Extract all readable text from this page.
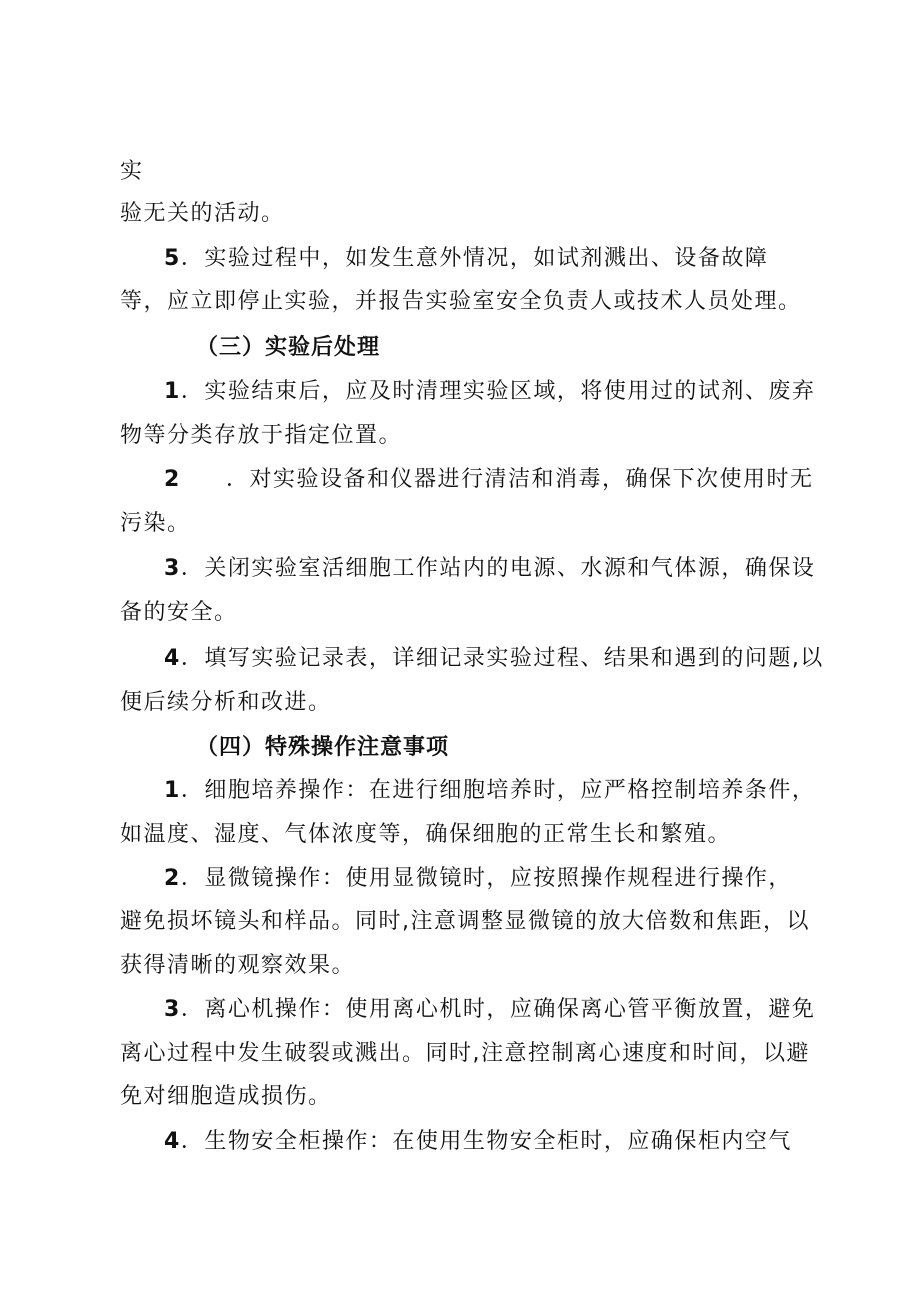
实
验无关的活动。
5．实验过程中，如发生意外情况，如试剂溅出、设备故障
等，应立即停止实验，并报告实验室安全负责人或技术人员处理。
（三）实验后处理
1．实验结束后，应及时清理实验区域，将使用过的试剂、废弃
物等分类存放于指定位置。
2 ．对实验设备和仪器进行清洁和消毒，确保下次使用时无
污染。
3．关闭实验室活细胞工作站内的电源、水源和气体源，确保设
备的安全。
4．填写实验记录表，详细记录实验过程、结果和遇到的问题,以
便后续分析和改进。
（四）特殊操作注意事项
1．细胞培养操作：在进行细胞培养时，应严格控制培养条件，
如温度、湿度、气体浓度等，确保细胞的正常生长和繁殖。
2．显微镜操作：使用显微镜时，应按照操作规程进行操作，
避免损坏镜头和样品。同时,注意调整显微镜的放大倍数和焦距，以
获得清晰的观察效果。
3．离心机操作：使用离心机时，应确保离心管平衡放置，避免
离心过程中发生破裂或溅出。同时,注意控制离心速度和时间，以避
免对细胞造成损伤。
4．生物安全柜操作：在使用生物安全柜时，应确保柜内空气
